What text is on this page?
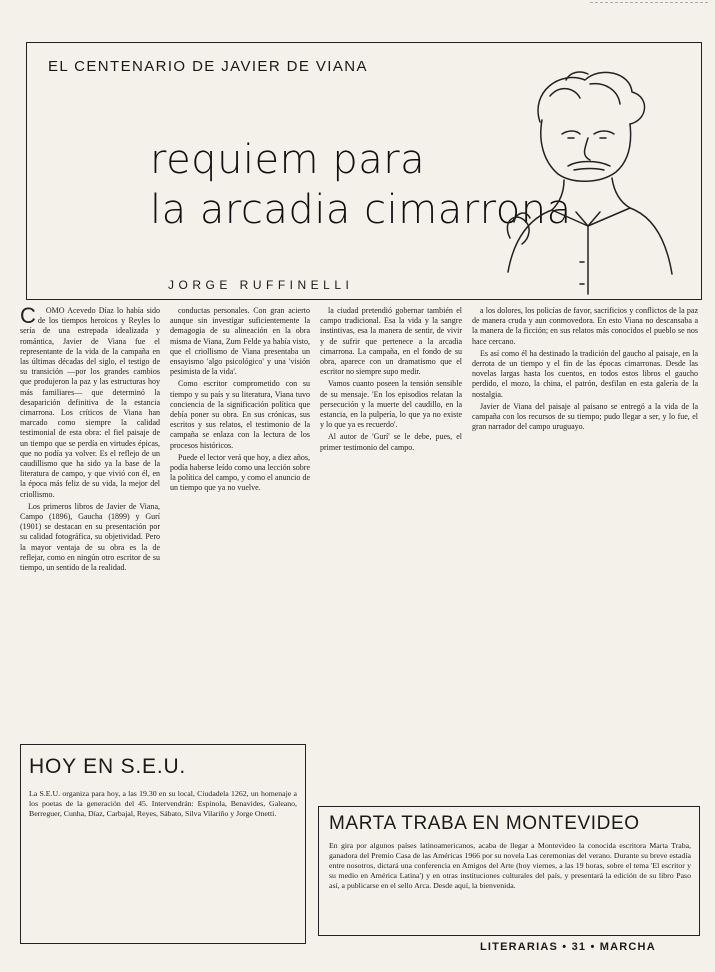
EL CENTENARIO DE JAVIER DE VIANA
requiem para
la arcadia cimarrona
JORGE RUFFINELLI
C	OMO Acevedo Díaz lo había sido de los tiempos heroicos y Reyles lo sería de una estrepada idealizada y romántica, Javier de Viana fue el representante de la vida de la campaña en las últimas décadas del siglo, el testigo de su transición —por los grandes cambios que produjeron la paz y las estructuras hoy más familiares— que determinó la desaparición definitiva de la estancia cimarrona. Los críticos de Viana han marcado como siempre la calidad testimonial de esta obra: el fiel paisaje de un tiempo que se perdía en virtudes épicas, que no podía ya volver. Es el reflejo de un caudillismo que ha sido ya la base de la literatura de campo, y que vivió con él, en la época más feliz de su vida, la mejor del criollismo.

Los primeros libros de Javier de Viana, Campo (1896), Gaucha (1899) y Gurí (1901) se destacan en su presentación por su calidad fotográfica, su objetividad. Pero la mayor ventaja de su obra es la de reflejar, como en ningún otro escritor de su tiempo, un sentido de la realidad.

conductas personales. Con gran acierto aunque sin investigar suficientemente la demagogia de su alineación en la obra misma de Viana, Zum Felde ya había visto, que el criollismo de Viana presentaba un ensayismo 'algo psicológico' y una 'visión pesimista de la vida'.

Como escritor comprometido con su tiempo y su país y su literatura, Viana tuvo conciencia de la significación política que debía poner su obra. En sus crónicas, sus escritos y sus relatos, el testimonio de la campaña se enlaza con la lectura de los procesos históricos.

Puede el lector verá que hoy, a diez años, podía haberse leído como una lección sobre la política del campo, y como el anuncio de un tiempo que ya no vuelve.

la ciudad pretendió gobernar también el campo tradicional. Esa la vida y la sangre instintivas, esa la manera de sentir, de vivir y de sufrir que pertenece a la arcadia cimarrona. La campaña, en el fondo de su obra, aparece con un dramatismo que el escritor no siempre supo medir.

Vamos cuanto poseen la tensión sensible de su mensaje. 'En los episodios relatan la persecución y la muerte del caudillo, en la estancia, en la pulpería, lo que ya no existe y lo que ya es recuerdo'.

Al autor de 'Gurí' se le debe, pues, el primer testimonio del campo.

a los dolores, los policías de favor, sacrificios y conflictos de la paz de manera cruda y aun conmovedora. En esto Viana no descansaba a la manera de la ficción; en sus relatos más conocidos el pueblo se nos hace cercano.

Es así como él ha destinado la tradición del gaucho al paisaje, en la derrota de un tiempo y el fin de las épocas cimarronas. Desde las novelas largas hasta los cuentos, en todos estos libros el gaucho perdido, el mozo, la china, el patrón, desfilan en esta galería de la nostalgia.

Javier de Viana del paisaje al paisano se entregó a la vida de la campaña con los recursos de su tiempo; pudo llegar a ser, y lo fue, el gran narrador del campo uruguayo.

HOY EN S.E.U.

La S.E.U. organiza para hoy, a las 19.30 en su local, Ciudadela 1262, un homenaje a los poetas de la generación del 45. Intervendrán: Espinola, Benavides, Galeano, Berreguer, Cunha, Díaz, Carbajal, Reyes, Sábato, Silva Vilariño y Jorge Onetti.	MARTA TRABA EN MONTEVIDEO

En gira por algunos países latinoamericanos, acaba de llegar a Montevideo la conocida escritora Marta Traba, ganadora del Premio Casa de las Américas 1966 por su novela Las ceremonias del verano. Durante su breve estadía entre nosotros, dictará una conferencia en Amigos del Arte (hoy viernes, a las 19 horas, sobre el tema 'El escritor y su medio en América Latina') y en otras instituciones culturales del país, y presentará la edición de su libro Paso así, a publicarse en el sello Arca. Desde aquí, la bienvenida.

LITERARIAS • 31 • MARCHA
